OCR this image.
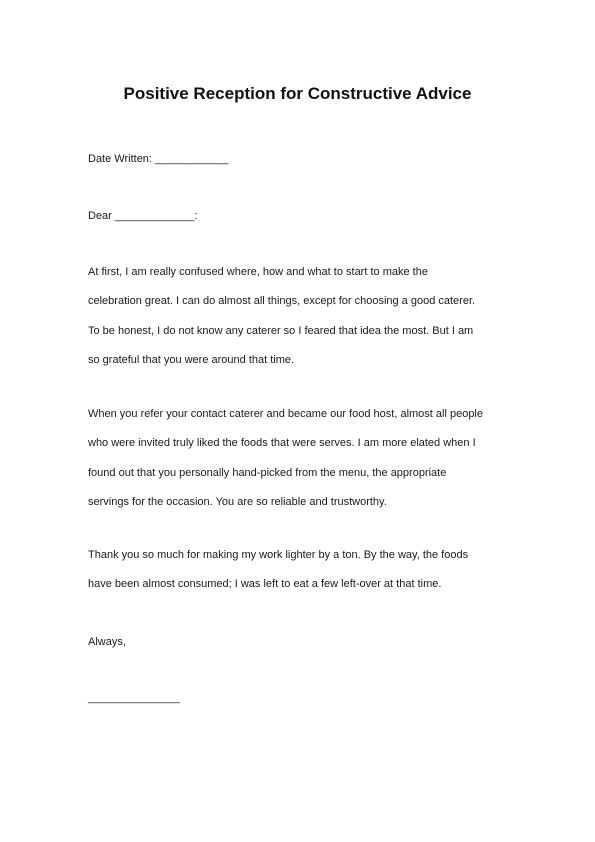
Positive Reception for Constructive Advice

Date Written: ____________

Dear _____________:

At first, I am really confused where, how and what to start to make the
celebration great. I can do almost all things, except for choosing a good caterer.
To be honest, I do not know any caterer so I feared that idea the most. But I am
so grateful that you were around that time.
When you refer your contact caterer and became our food host, almost all people
who were invited truly liked the foods that were serves. I am more elated when I
found out that you personally hand-picked from the menu, the appropriate
servings for the occasion. You are so reliable and trustworthy.
Thank you so much for making my work lighter by a ton. By the way, the foods
have been almost consumed; I was left to eat a few left-over at that time.

Always,

_______________
